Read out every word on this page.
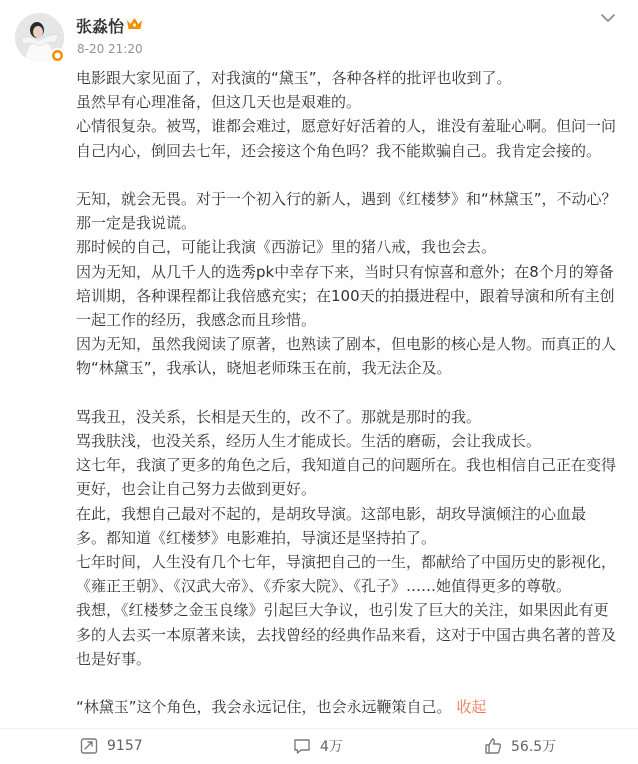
张淼怡
8-20 21:20

电影跟大家见面了，对我演的“黛玉”，各种各样的批评也收到了。

虽然早有心理准备，但这几天也是艰难的。

心情很复杂。被骂，谁都会难过，愿意好好活着的人，谁没有羞耻心啊。但问一问

自己内心，倒回去七年，还会接这个角色吗？我不能欺骗自己。我肯定会接的。

无知，就会无畏。对于一个初入行的新人，遇到《红楼梦》和“林黛玉”，不动心？

那一定是我说谎。

那时候的自己，可能让我演《西游记》里的猪八戒，我也会去。

因为无知，从几千人的选秀pk中幸存下来，当时只有惊喜和意外；在8个月的筹备

培训期，各种课程都让我倍感充实；在100天的拍摄进程中，跟着导演和所有主创

一起工作的经历，我感念而且珍惜。

因为无知，虽然我阅读了原著，也熟读了剧本，但电影的核心是人物。而真正的人

物“林黛玉”，我承认，晓旭老师珠玉在前，我无法企及。

骂我丑，没关系，长相是天生的，改不了。那就是那时的我。

骂我肤浅，也没关系，经历人生才能成长。生活的磨砺，会让我成长。

这七年，我演了更多的角色之后，我知道自己的问题所在。我也相信自己正在变得

更好，也会让自己努力去做到更好。

在此，我想自己最对不起的，是胡玫导演。这部电影，胡玫导演倾注的心血最

多。都知道《红楼梦》电影难拍，导演还是坚持拍了。

七年时间，人生没有几个七年，导演把自己的一生，都献给了中国历史的影视化，

《雍正王朝》、《汉武大帝》、《乔家大院》、《孔子》……她值得更多的尊敬。

我想，《红楼梦之金玉良缘》引起巨大争议，也引发了巨大的关注，如果因此有更

多的人去买一本原著来读，去找曾经的经典作品来看，这对于中国古典名著的普及

也是好事。

“林黛玉”这个角色，我会永远记住，也会永远鞭策自己。 收起

9157	4万	56.5万
